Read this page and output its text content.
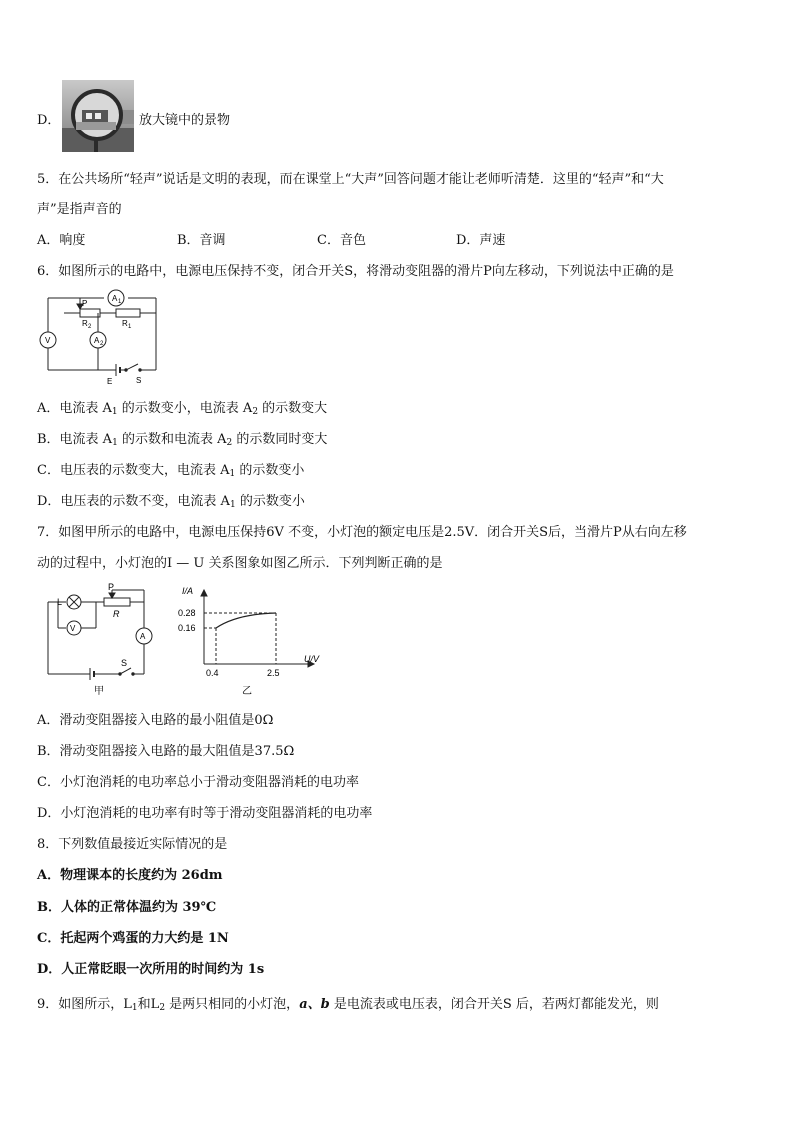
D．	放大镜中的景物
5．在公共场所“轻声”说话是文明的表现，而在课堂上“大声”回答问题才能让老师听清楚．这里的“轻声”和“大
声”是指声音的
A．响度	B．音调	C．音色	D．声速
6．如图所示的电路中，电源电压保持不变，闭合开关S，将滑动变阻器的滑片P向左移动，下列说法中正确的是
P
A 1
R 2	R 1
V	A 2
E	S
A．电流表 $A_1$ 的示数变小，电流表 $A_2$ 的示数变大
B．电流表 $A_1$ 的示数和电流表 $A_2$ 的示数同时变大
C．电压表的示数变大，电流表 $A_1$ 的示数变小
D．电压表的示数不变，电流表 $A_1$ 的示数变小
7．如图甲所示的电路中，电源电压保持6V 不变，小灯泡的额定电压是2.5V．闭合开关S后，当滑片P从右向左移
动的过程中，小灯泡的I — U 关系图象如图乙所示．下列判断正确的是
L
P
R
V
A
S
甲
I/A
U/V
0.28
0.16
0.4	2.5
乙
A．滑动变阻器接入电路的最小阻值是0Ω
B．滑动变阻器接入电路的最大阻值是37.5Ω
C．小灯泡消耗的电功率总小于滑动变阻器消耗的电功率
D．小灯泡消耗的电功率有时等于滑动变阻器消耗的电功率
8．下列数值最接近实际情况的是
A．物理课本的长度约为 26dm
B．人体的正常体温约为 39℃
C．托起两个鸡蛋的力大约是 1N
D．人正常眨眼一次所用的时间约为 1s
9．如图所示，$L_1$和$L_2$ 是两只相同的小灯泡，a、b 是电流表或电压表，闭合开关S 后，若两灯都能发光，则
